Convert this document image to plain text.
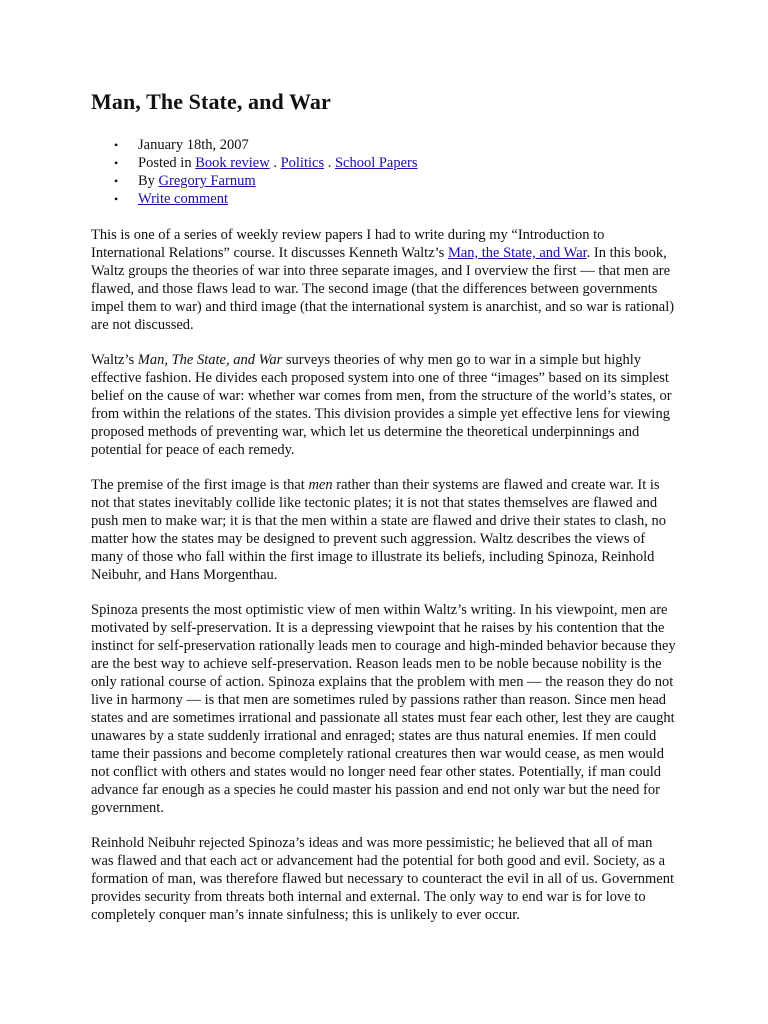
Man, The State, and War
• January 18th, 2007
• Posted in Book review . Politics . School Papers
• By Gregory Farnum
• Write comment

This is one of a series of weekly review papers I had to write during my “Introduction to International Relations” course. It discusses Kenneth Waltz’s Man, the State, and War. In this book, Waltz groups the theories of war into three separate images, and I overview the first — that men are flawed, and those flaws lead to war. The second image (that the differences between governments impel them to war) and third image (that the international system is anarchist, and so war is rational) are not discussed.

Waltz’s Man, The State, and War surveys theories of why men go to war in a simple but highly effective fashion. He divides each proposed system into one of three “images” based on its simplest belief on the cause of war: whether war comes from men, from the structure of the world’s states, or from within the relations of the states. This division provides a simple yet effective lens for viewing proposed methods of preventing war, which let us determine the theoretical underpinnings and potential for peace of each remedy.

The premise of the first image is that men rather than their systems are flawed and create war. It is not that states inevitably collide like tectonic plates; it is not that states themselves are flawed and push men to make war; it is that the men within a state are flawed and drive their states to clash, no matter how the states may be designed to prevent such aggression. Waltz describes the views of many of those who fall within the first image to illustrate its beliefs, including Spinoza, Reinhold Neibuhr, and Hans Morgenthau.

Spinoza presents the most optimistic view of men within Waltz’s writing. In his viewpoint, men are motivated by self-preservation. It is a depressing viewpoint that he raises by his contention that the instinct for self-preservation rationally leads men to courage and high-minded behavior because they are the best way to achieve self-preservation. Reason leads men to be noble because nobility is the only rational course of action. Spinoza explains that the problem with men — the reason they do not live in harmony — is that men are sometimes ruled by passions rather than reason. Since men head states and are sometimes irrational and passionate all states must fear each other, lest they are caught unawares by a state suddenly irrational and enraged; states are thus natural enemies. If men could tame their passions and become completely rational creatures then war would cease, as men would not conflict with others and states would no longer need fear other states. Potentially, if man could advance far enough as a species he could master his passion and end not only war but the need for government.

Reinhold Neibuhr rejected Spinoza’s ideas and was more pessimistic; he believed that all of man was flawed and that each act or advancement had the potential for both good and evil. Society, as a formation of man, was therefore flawed but necessary to counteract the evil in all of us. Government provides security from threats both internal and external. The only way to end war is for love to completely conquer man’s innate sinfulness; this is unlikely to ever occur.
